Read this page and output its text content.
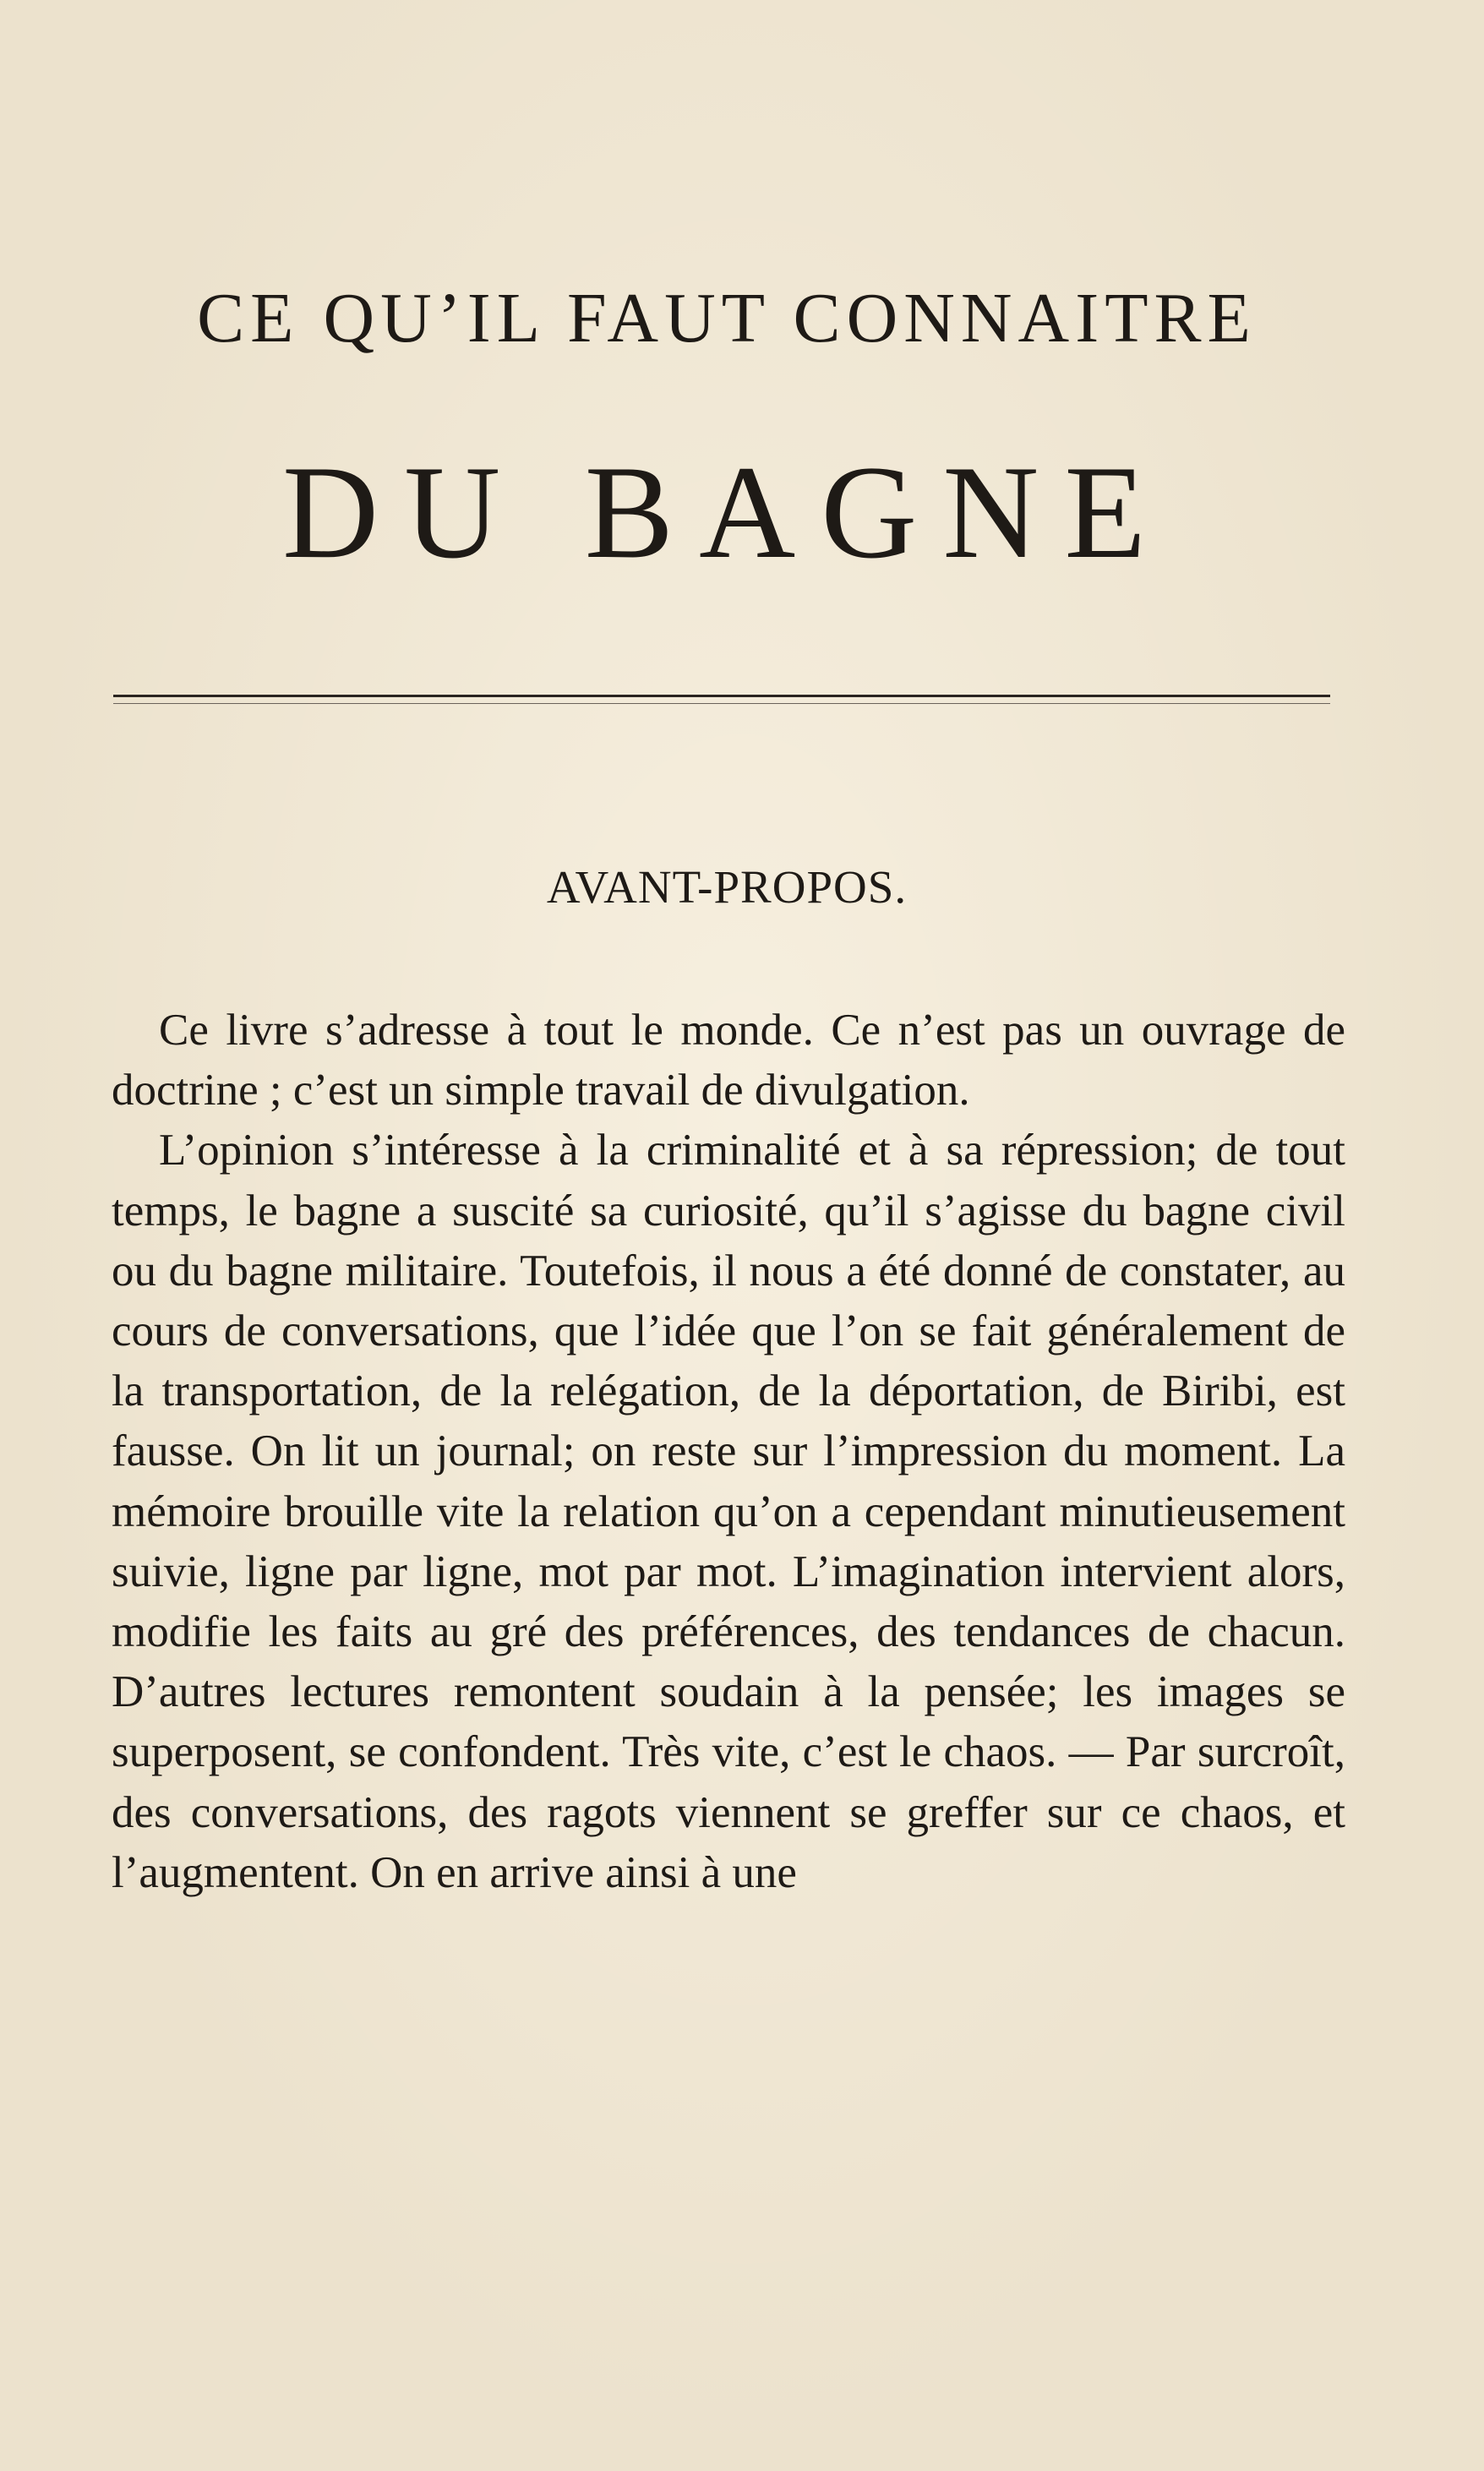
CE QU’IL FAUT CONNAITRE
DU BAGNE
AVANT-PROPOS.

Ce livre s’adresse à tout le monde. Ce n’est pas un ouvrage de doctrine ; c’est un simple travail de divulgation.

L’opinion s’intéresse à la criminalité et à sa répression; de tout temps, le bagne a suscité sa curiosité, qu’il s’agisse du bagne civil ou du bagne militaire. Toutefois, il nous a été donné de constater, au cours de conversations, que l’idée que l’on se fait généralement de la transportation, de la relégation, de la déportation, de Biribi, est fausse. On lit un journal; on reste sur l’impression du moment. La mémoire brouille vite la relation qu’on a cependant minutieusement suivie, ligne par ligne, mot par mot. L’imagination intervient alors, modifie les faits au gré des préférences, des tendances de chacun. D’autres lectures remontent soudain à la pensée; les images se superposent, se confondent. Très vite, c’est le chaos. — Par surcroît, des conversations, des ragots viennent se greffer sur ce chaos, et l’augmentent. On en arrive ainsi à une
